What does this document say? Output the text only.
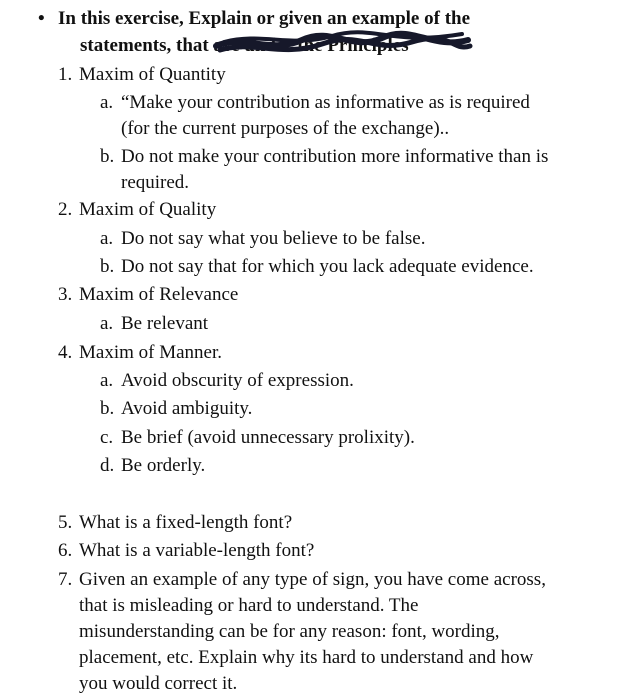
• In this exercise, Explain or given an example of the
statements, that are under the Principles
1. Maxim of Quantity
a. “Make your contribution as informative as is required
(for the current purposes of the exchange)..
b. Do not make your contribution more informative than is
required.
2. Maxim of Quality
a. Do not say what you believe to be false.
b. Do not say that for which you lack adequate evidence.
3. Maxim of Relevance
a. Be relevant
4. Maxim of Manner.
a. Avoid obscurity of expression.
b. Avoid ambiguity.
c. Be brief (avoid unnecessary prolixity).
d. Be orderly.
5. What is a fixed-length font?
6. What is a variable-length font?
7. Given an example of any type of sign, you have come across,
that is misleading or hard to understand. The
misunderstanding can be for any reason: font, wording,
placement, etc. Explain why its hard to understand and how
you would correct it.
